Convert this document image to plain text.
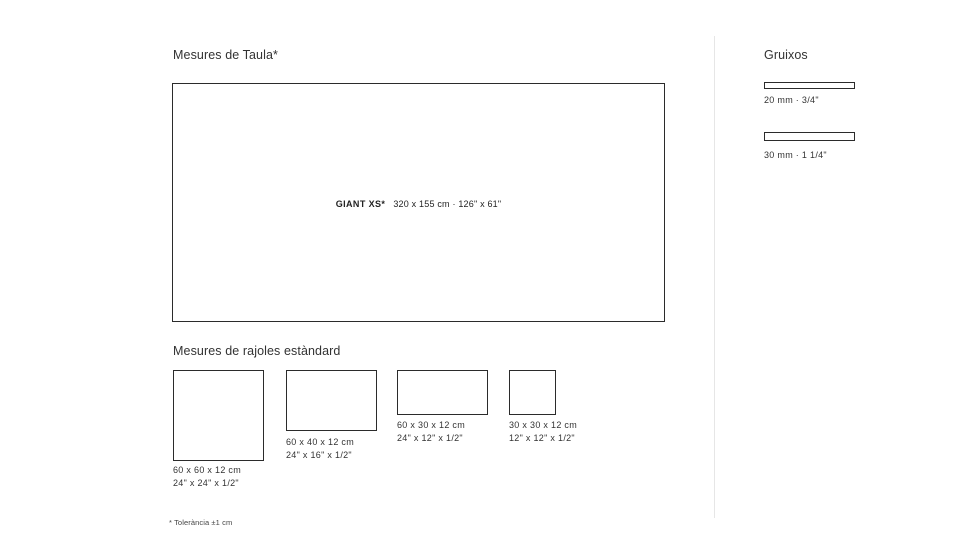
Mesures de Taula*
GIANT XS* 320 x 155 cm · 126" x 61"
Mesures de rajoles estàndard
60 x 60 x 12 cm
24" x 24" x 1/2"
60 x 40 x 12 cm
24" x 16" x 1/2"
60 x 30 x 12 cm
24" x 12" x 1/2"
30 x 30 x 12 cm
12" x 12" x 1/2"
* Tolerància ±1 cm
Gruixos
20 mm · 3/4"
30 mm · 1 1/4"
